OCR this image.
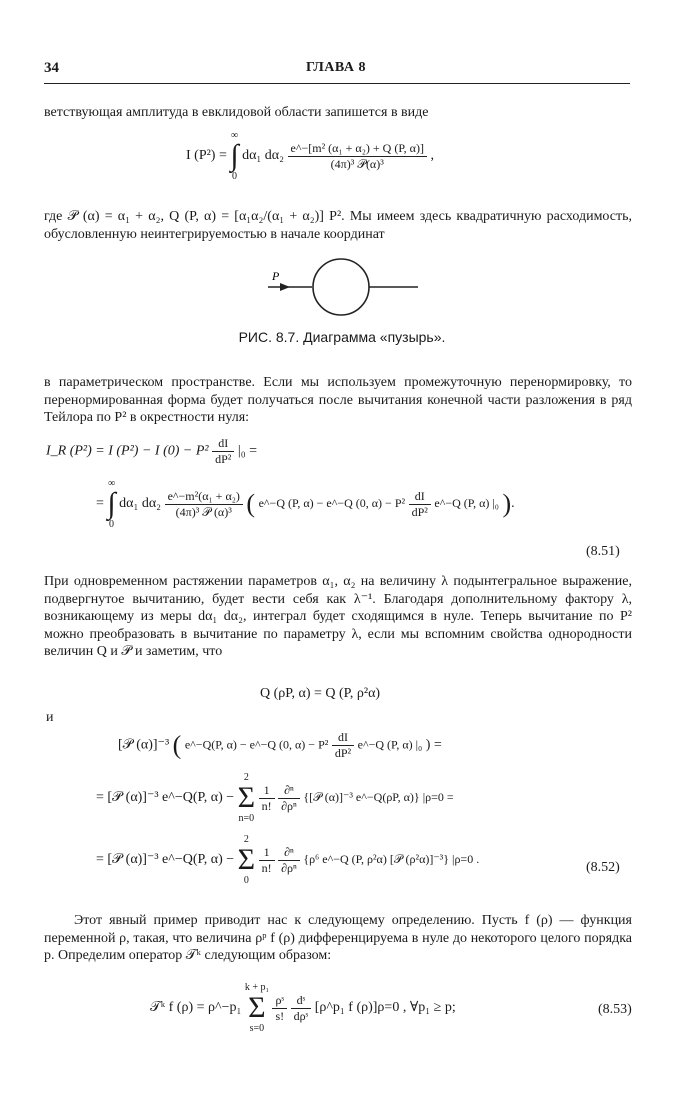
34	ГЛАВА 8

ветствующая амплитуда в евклидовой области запишется в виде

I (P²) =
∞
∫
0
dα₁ $d\alpha_2 \frac{\text{e\textasciicircum{}−[m² (α₁ + α₂) + Q (P, α)]}}{\text{(4π)³ 𝒫(α)³}}$ ,

где 𝒫 (α) = α₁ + α₂, Q (P, α) = [α₁α₂/(α₁ + α₂)] P². Мы имеем здесь квадратичную расходимость, обусловленную неинтегрируемостью в начале координат

P
РИС. 8.7. Диаграмма «пузырь».

в параметрическом пространстве. Если мы используем промежуточную перенормировку, то перенормированная форма будет получаться после вычитания конечной части разложения в ряд Тейлора по P² в окрестности нуля:

I_R (P²) = I (P²) − I $(0) - P^2 \frac{dI}{\text{dP²}} |_0$ =
=
∞
∫
0
dα₁ $d\alpha_2 \frac{\text{e\textasciicircum{}−m²(α₁ + α₂)}}{\text{(4π)³ 𝒫 (α)³}}$ ( e^−Q (P, α) − e^−Q (0, $\alpha) - P^2 \frac{dI}{\text{dP²}}$ e^−Q (P, α) |₀ ).
(8.51)

При одновременном растяжении параметров α₁, α₂ на величину λ подынтегральное выражение, подвергнутое вычитанию, будет вести себя как λ⁻¹. Благодаря дополнительному фактору λ, возникающему из меры dα₁ dα₂, интеграл будет сходящимся в нуле. Теперь вычитание по P² можно преобразовать в вычитание по параметру λ, если мы вспомним свойства однородности величин Q и 𝒫 и заметим, что

Q (ρP, α) = Q (P, ρ²α)
и
[𝒫 (α)]⁻³ ( e^−Q(P, α) − e^−Q (0, $\alpha) - P^2 \frac{dI}{\text{dP²}}$ e^−Q (P, α) |₀ ) =
= [𝒫 (α)]⁻³ e^−Q(P, α) −
2
Σ
n=0

$\frac{1}{n!}$
$\frac{\text{∂ⁿ}}{\text{∂ρⁿ}}$ {[𝒫 (α)]⁻³ e^−Q(ρP, α)} |ρ=0 =
= [𝒫 (α)]⁻³ e^−Q(P, α) −
2
Σ
0

$\frac{1}{n!}$
$\frac{\text{∂ⁿ}}{\text{∂ρⁿ}} \{\rho^6$ e^−Q (P, ρ²α) [𝒫 (ρ²α)]⁻³} |ρ=0 .
(8.52)

Этот явный пример приводит нас к следующему определению. Пусть f (ρ) — функция переменной ρ, такая, что величина ρᵖ f (ρ) дифференцируема в нуле до некоторого целого порядка p. Определим оператор 𝒯ᵏ следующим образом:

𝒯ᵏ f (ρ) = ρ^−p₁
k + p₁
Σ
s=0

$\frac{\text{ρˢ}}{s!}$
$\frac{\text{dˢ}}{\text{dρˢ}}$ [ρ^p₁ f (ρ)]ρ=0 , ∀p₁ ≥ p;	(8.53)
